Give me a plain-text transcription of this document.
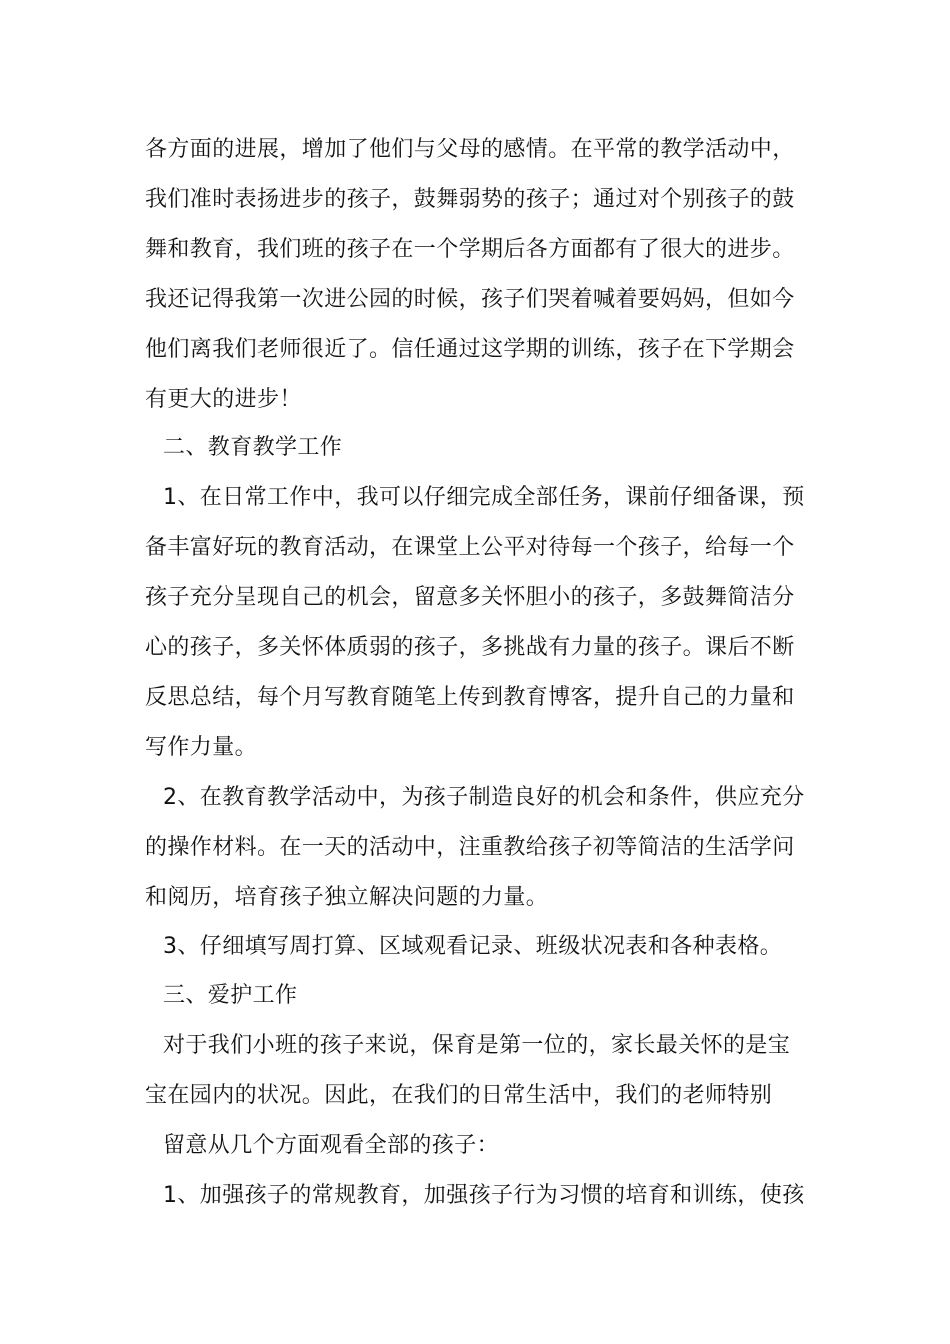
各方面的进展，增加了他们与父母的感情。在平常的教学活动中，
我们准时表扬进步的孩子，鼓舞弱势的孩子；通过对个别孩子的鼓
舞和教育，我们班的孩子在一个学期后各方面都有了很大的进步。
我还记得我第一次进公园的时候，孩子们哭着喊着要妈妈，但如今
他们离我们老师很近了。信任通过这学期的训练，孩子在下学期会
有更大的进步！
二、教育教学工作
1、在日常工作中，我可以仔细完成全部任务，课前仔细备课，预
备丰富好玩的教育活动，在课堂上公平对待每一个孩子，给每一个
孩子充分呈现自己的机会，留意多关怀胆小的孩子，多鼓舞简洁分
心的孩子，多关怀体质弱的孩子，多挑战有力量的孩子。课后不断
反思总结，每个月写教育随笔上传到教育博客，提升自己的力量和
写作力量。
2、在教育教学活动中，为孩子制造良好的机会和条件，供应充分
的操作材料。在一天的活动中，注重教给孩子初等简洁的生活学问
和阅历，培育孩子独立解决问题的力量。
3、仔细填写周打算、区域观看记录、班级状况表和各种表格。
三、爱护工作
对于我们小班的孩子来说，保育是第一位的，家长最关怀的是宝
宝在园内的状况。因此，在我们的日常生活中，我们的老师特别
留意从几个方面观看全部的孩子：
1、加强孩子的常规教育，加强孩子行为习惯的培育和训练，使孩
